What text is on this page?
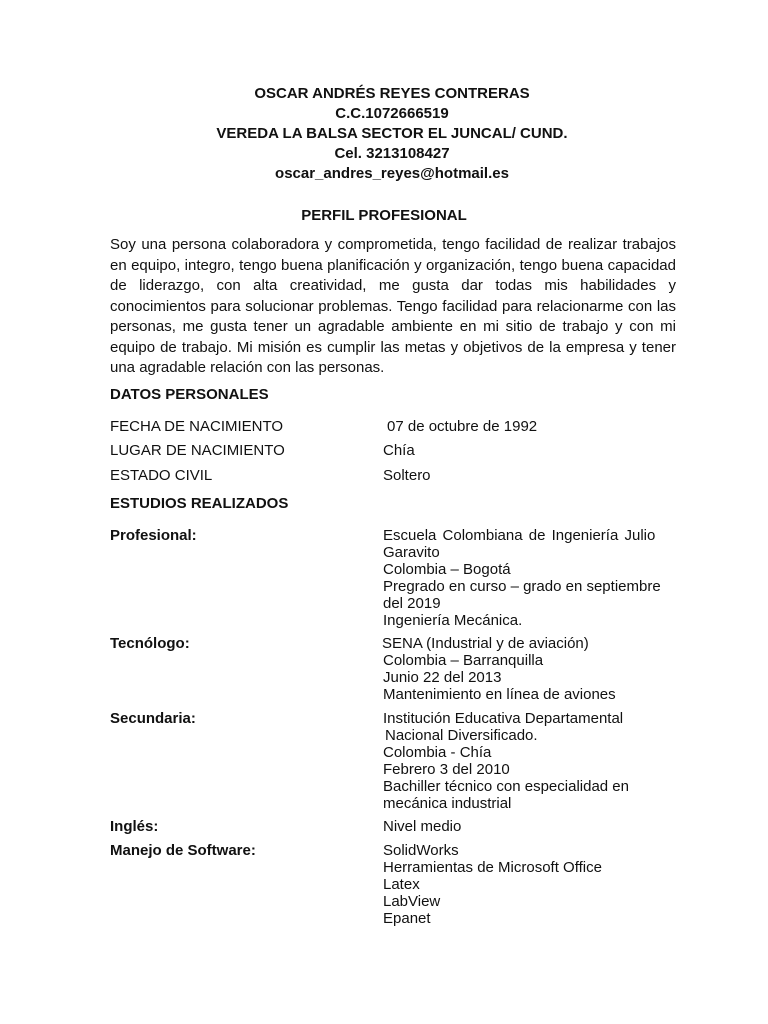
OSCAR ANDRÉS REYES CONTRERAS
C.C.1072666519
VEREDA LA BALSA SECTOR EL JUNCAL/ CUND.
Cel. 3213108427
oscar_andres_reyes@hotmail.es
PERFIL PROFESIONAL
Soy una persona colaboradora y comprometida, tengo facilidad de realizar trabajos en equipo, integro, tengo buena planificación y organización, tengo buena capacidad de liderazgo, con alta creatividad, me gusta dar todas mis habilidades y conocimientos para solucionar problemas. Tengo facilidad para relacionarme con las personas, me gusta tener un agradable ambiente en mi sitio de trabajo y con mi equipo de trabajo. Mi misión es cumplir las metas y objetivos de la empresa y tener una agradable relación con las personas.
DATOS PERSONALES
FECHA DE NACIMIENTO	07 de octubre de 1992
LUGAR DE NACIMIENTO	Chía
ESTADO CIVIL	Soltero
ESTUDIOS REALIZADOS
Profesional:	Escuela Colombiana de Ingeniería Julio
Garavito
Colombia – Bogotá
Pregrado en curso – grado en septiembre
del 2019
Ingeniería Mecánica.
Tecnólogo:	SENA (Industrial y de aviación)
Colombia – Barranquilla
Junio 22 del 2013
Mantenimiento en línea de aviones
Secundaria:	Institución Educativa Departamental
Nacional Diversificado.
Colombia - Chía
Febrero 3 del 2010
Bachiller técnico con especialidad en
mecánica industrial
Inglés:	Nivel medio
Manejo de Software:	SolidWorks
Herramientas de Microsoft Office
Latex
LabView
Epanet
